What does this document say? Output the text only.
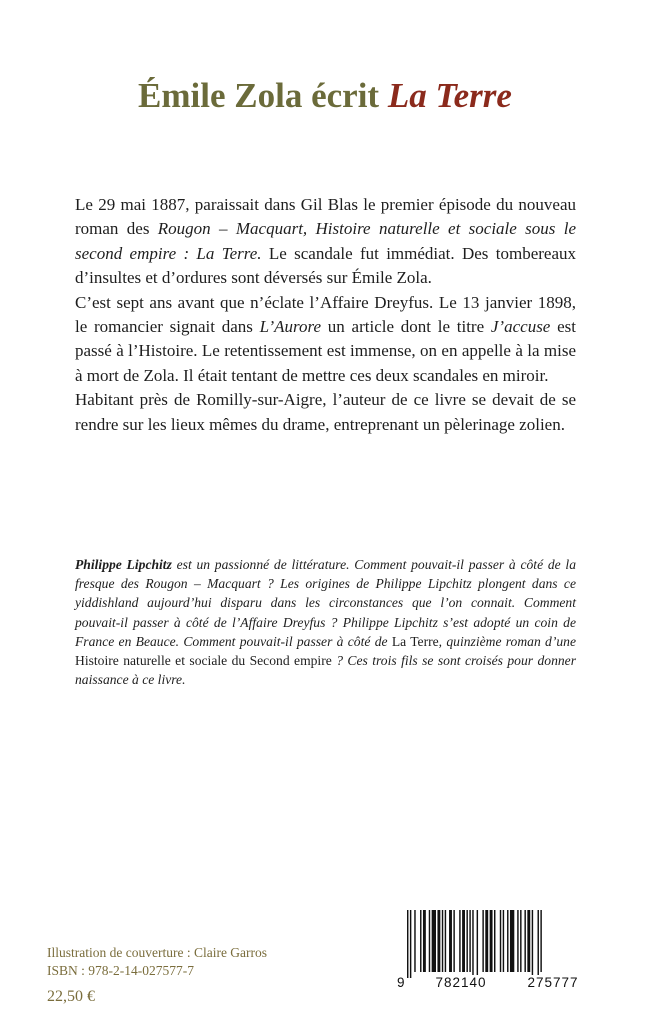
Émile Zola écrit La Terre

Le 29 mai 1887, paraissait dans Gil Blas le premier épisode du nouveau roman des Rougon – Macquart, Histoire naturelle et sociale sous le second empire : La Terre. Le scandale fut immédiat. Des tombereaux d’insultes et d’ordures sont déversés sur Émile Zola.

C’est sept ans avant que n’éclate l’Affaire Dreyfus. Le 13 janvier 1898, le romancier signait dans L’Aurore un article dont le titre J’accuse est passé à l’Histoire. Le retentissement est immense, on en appelle à la mise à mort de Zola. Il était tentant de mettre ces deux scandales en miroir.

Habitant près de Romilly-sur-Aigre, l’auteur de ce livre se devait de se rendre sur les lieux mêmes du drame, entreprenant un pèlerinage zolien.

Philippe Lipchitz est un passionné de littérature. Comment pouvait-il passer à côté de la fresque des Rougon – Macquart ? Les origines de Philippe Lipchitz plongent dans ce yiddishland aujourd’hui disparu dans les circonstances que l’on connait. Comment pouvait-il passer à côté de l’Affaire Dreyfus ? Philippe Lipchitz s’est adopté un coin de France en Beauce. Comment pouvait-il passer à côté de La Terre, quinzième roman d’une Histoire naturelle et sociale du Second empire ? Ces trois fils se sont croisés pour donner naissance à ce livre.
Illustration de couverture : Claire Garros
ISBN : 978-2-14-027577-7
22,50 €
9	782140	275777
